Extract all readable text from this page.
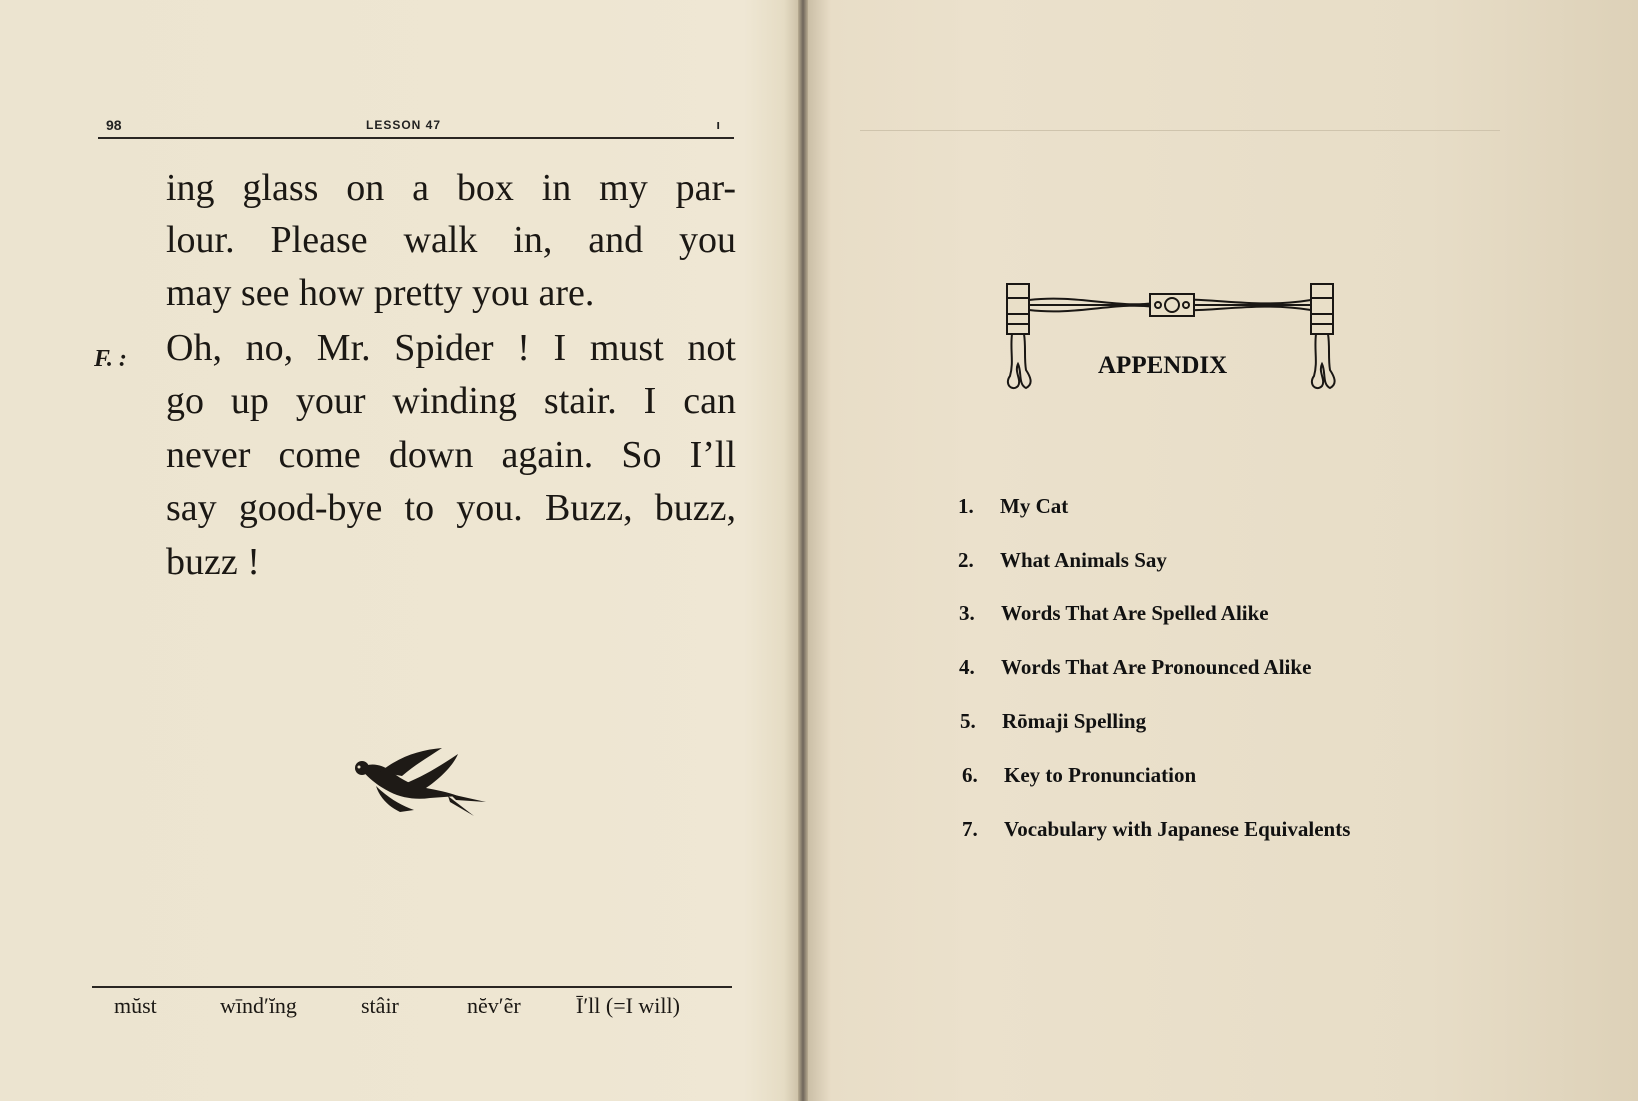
98	LESSON 47	ı
ing glass on a box in my par-
lour. Please walk in, and you
may see how pretty you are.
Oh, no, Mr. Spider ! I must not
go up your winding stair. I can
never come down again. So I’ll
say good-bye to you. Buzz, buzz,
buzz !
F. :
mŭst	wīnd′ĭng	stâir	nĕv′ẽr	Ī′ll (=I will)
APPENDIX
1. My Cat
2. What Animals Say
3. Words That Are Spelled Alike
4. Words That Are Pronounced Alike
5. Rōmaji Spelling
6. Key to Pronunciation
7. Vocabulary with Japanese Equivalents
